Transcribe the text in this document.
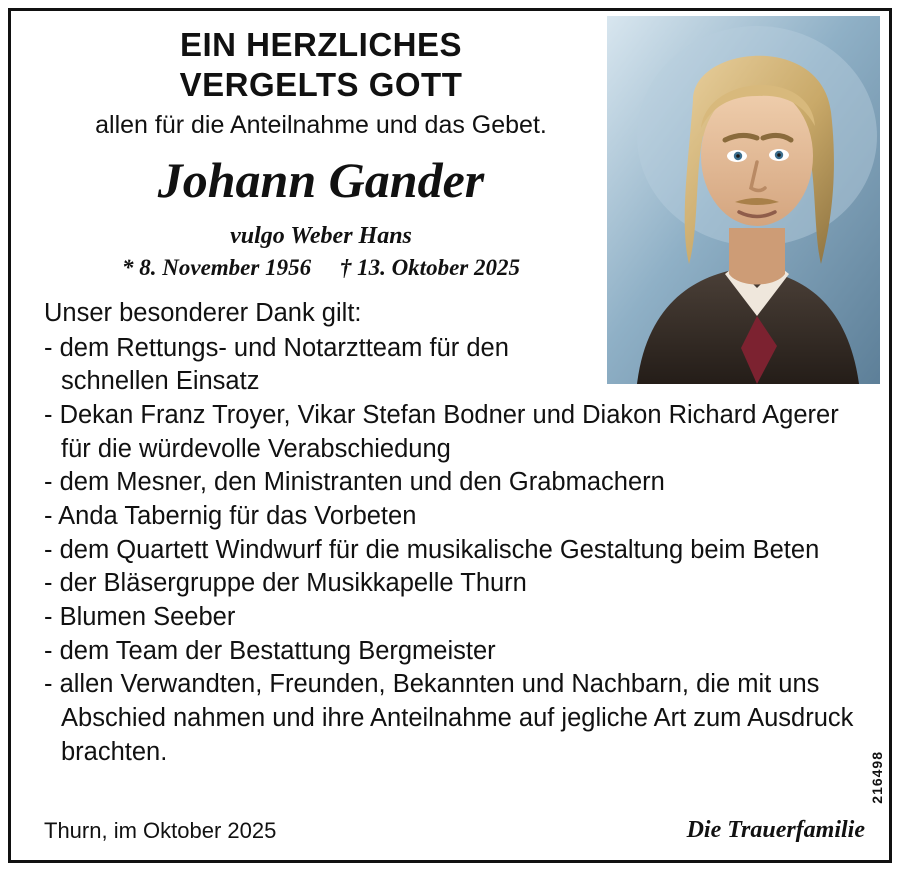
EIN HERZLICHES
VERGELTS GOTT
allen für die Anteilnahme und das Gebet.
Johann Gander
vulgo Weber Hans
* 8. November 1956     † 13. Oktober 2025

Unser besonderer Dank gilt:

- dem Rettungs- und Notarztteam für den schnellen Einsatz
- Dekan Franz Troyer, Vikar Stefan Bodner und Diakon Richard Agerer für die würdevolle Verabschiedung
- dem Mesner, den Ministranten und den Grabmachern
- Anda Tabernig für das Vorbeten
- dem Quartett Windwurf für die musikalische Gestaltung beim Beten
- der Bläsergruppe der Musikkapelle Thurn
- Blumen Seeber
- dem Team der Bestattung Bergmeister
- allen Verwandten, Freunden, Bekannten und Nachbarn, die mit uns Abschied nahmen und ihre Anteilnahme auf jegliche Art zum Ausdruck brachten.
Thurn, im Oktober 2025	Die Trauerfamilie
216498
